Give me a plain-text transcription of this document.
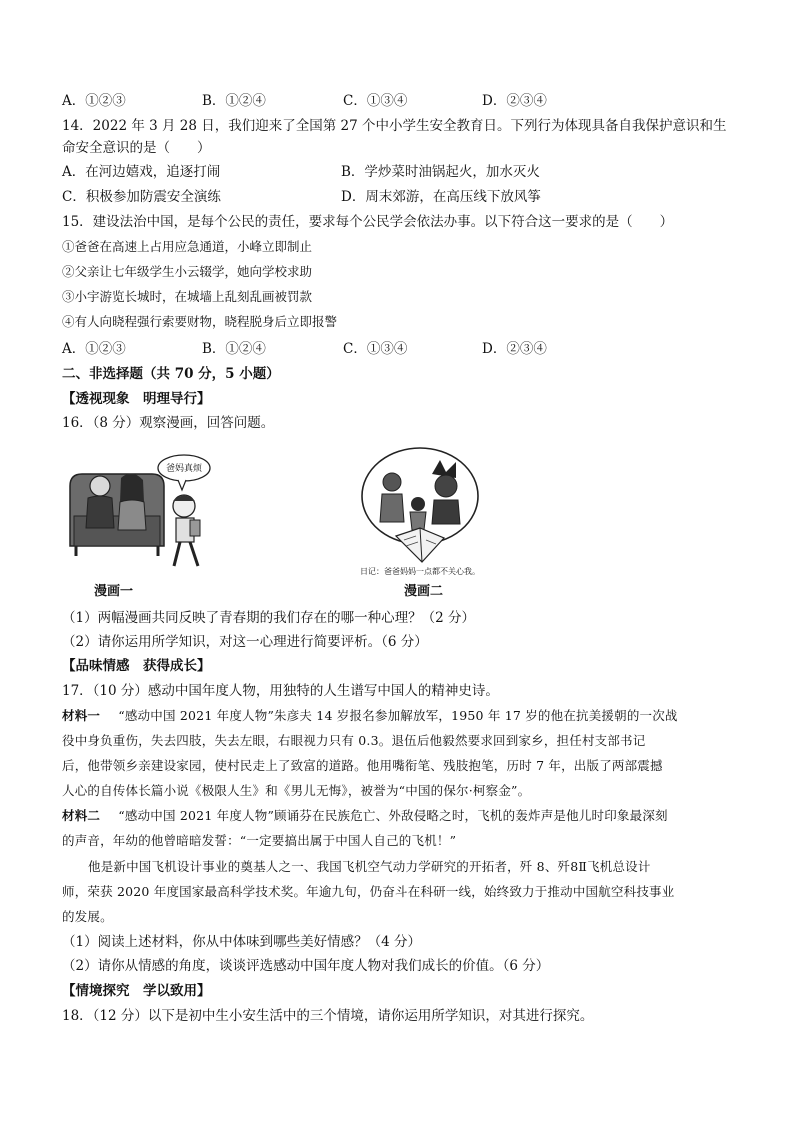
A．①②③	B．①②④	C．①③④	D．②③④
14．2022 年 3 月 28 日，我们迎来了全国第 27 个中小学生安全教育日。下列行为体现具备自我保护意识和生
命安全意识的是（　　）
A．在河边嬉戏，追逐打闹	B．学炒菜时油锅起火，加水灭火
C．积极参加防震安全演练	D．周末郊游，在高压线下放风筝
15．建设法治中国，是每个公民的责任，要求每个公民学会依法办事。以下符合这一要求的是（　　）
①爸爸在高速上占用应急通道，小峰立即制止
②父亲让七年级学生小云辍学，她向学校求助
③小宇游览长城时，在城墙上乱刻乱画被罚款
④有人向晓程强行索要财物，晓程脱身后立即报警
A．①②③	B．①②④	C．①③④	D．②③④
二、非选择题（共 70 分，5 小题）
【透视现象　明理导行】
16．（8 分）观察漫画，回答问题。
爸妈真烦
漫画一
日记：爸爸妈妈一点都不关心我。
漫画二
（1）两幅漫画共同反映了青春期的我们存在的哪一种心理？（2 分）
（2）请你运用所学知识，对这一心理进行简要评析。（6 分）
【品味情感　获得成长】
17．（10 分）感动中国年度人物，用独特的人生谱写中国人的精神史诗。
材料一 “感动中国 2021 年度人物”朱彦夫 14 岁报名参加解放军，1950 年 17 岁的他在抗美援朝的一次战
役中身负重伤，失去四肢，失去左眼，右眼视力只有 0.3。退伍后他毅然要求回到家乡，担任村支部书记
后，他带领乡亲建设家园，使村民走上了致富的道路。他用嘴衔笔、残肢抱笔，历时 7 年，出版了两部震撼
人心的自传体长篇小说《极限人生》和《男儿无悔》，被誉为“中国的保尔·柯察金”。
材料二 “感动中国 2021 年度人物”顾诵芬在民族危亡、外敌侵略之时，飞机的轰炸声是他儿时印象最深刻
的声音，年幼的他曾暗暗发誓：“一定要搞出属于中国人自己的飞机！”
他是新中国飞机设计事业的奠基人之一、我国飞机空气动力学研究的开拓者，歼 8、歼8Ⅱ飞机总设计
师，荣获 2020 年度国家最高科学技术奖。年逾九旬，仍奋斗在科研一线，始终致力于推动中国航空科技事业
的发展。
（1）阅读上述材料，你从中体味到哪些美好情感？（4 分）
（2）请你从情感的角度，谈谈评选感动中国年度人物对我们成长的价值。（6 分）
【情境探究　学以致用】
18．（12 分）以下是初中生小安生活中的三个情境，请你运用所学知识，对其进行探究。
